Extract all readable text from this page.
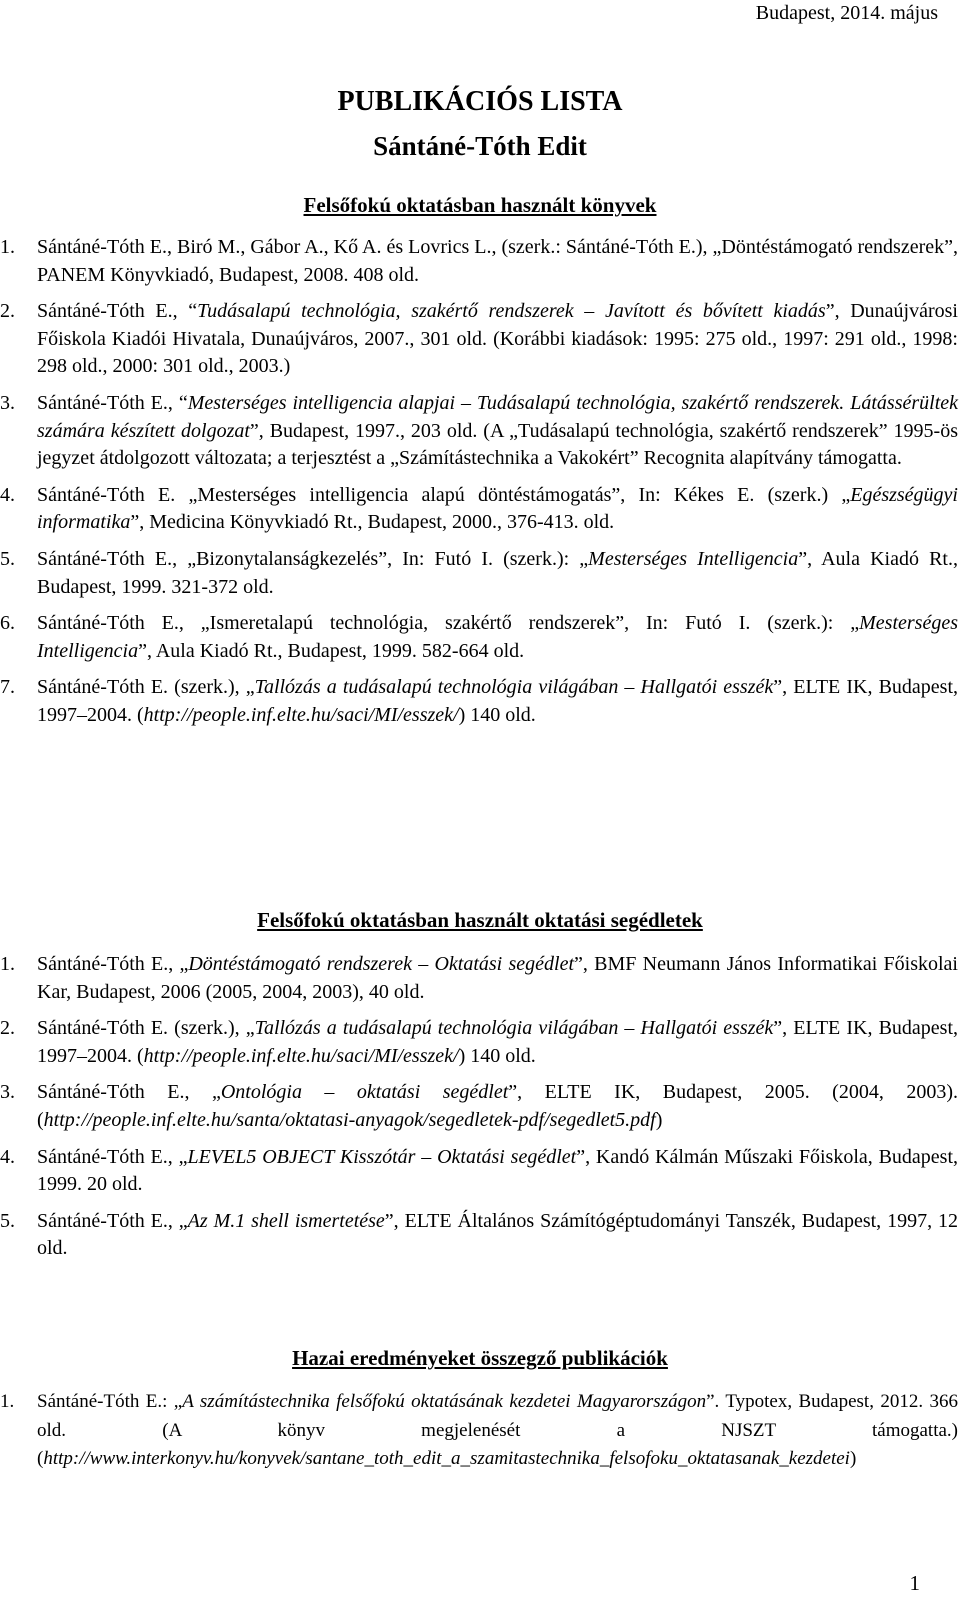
Budapest, 2014. május
PUBLIKÁCIÓS LISTA
Sántáné-Tóth Edit
Felsőfokú oktatásban használt könyvek
1. Sántáné-Tóth E., Biró M., Gábor A., Kő A. és Lovrics L., (szerk.: Sántáné-Tóth E.), „Döntéstámogató rendszerek”, PANEM Könyvkiadó, Budapest, 2008. 408 old.
2. Sántáné-Tóth E., “Tudásalapú technológia, szakértő rendszerek – Javított és bővített kiadás”, Dunaújvárosi Főiskola Kiadói Hivatala, Dunaújváros, 2007., 301 old. (Korábbi kiadások: 1995: 275 old., 1997: 291 old., 1998: 298 old., 2000: 301 old., 2003.)
3. Sántáné-Tóth E., “Mesterséges intelligencia alapjai – Tudásalapú technológia, szakértő rendszerek. Látássérültek számára készített dolgozat”, Budapest, 1997., 203 old. (A „Tudásalapú technológia, szakértő rendszerek” 1995-ös jegyzet átdolgozott változata; a terjesztést a „Számítástechnika a Vakokért” Recognita alapítvány támogatta.
4. Sántáné-Tóth E. „Mesterséges intelligencia alapú döntéstámogatás”, In: Kékes E. (szerk.) „Egészségügyi informatika”, Medicina Könyvkiadó Rt., Budapest, 2000., 376-413. old.
5. Sántáné-Tóth E., „Bizonytalanságkezelés”, In: Futó I. (szerk.): „Mesterséges Intelligencia”, Aula Kiadó Rt., Budapest, 1999. 321-372 old.
6. Sántáné-Tóth E., „Ismeretalapú technológia, szakértő rendszerek”, In: Futó I. (szerk.): „Mesterséges Intelligencia”, Aula Kiadó Rt., Budapest, 1999. 582-664 old.
7. Sántáné-Tóth E. (szerk.), „Tallózás a tudásalapú technológia világában – Hallgatói esszék”, ELTE IK, Budapest, 1997–2004. (http://people.inf.elte.hu/saci/MI/esszek/) 140 old.
Felsőfokú oktatásban használt oktatási segédletek
1. Sántáné-Tóth E., „Döntéstámogató rendszerek – Oktatási segédlet”, BMF Neumann János Informatikai Főiskolai Kar, Budapest, 2006 (2005, 2004, 2003), 40 old.
2. Sántáné-Tóth E. (szerk.), „Tallózás a tudásalapú technológia világában – Hallgatói esszék”, ELTE IK, Budapest, 1997–2004. (http://people.inf.elte.hu/saci/MI/esszek/) 140 old.
3. Sántáné-Tóth E., „Ontológia – oktatási segédlet”, ELTE IK, Budapest, 2005. (2004, 2003). (http://people.inf.elte.hu/santa/oktatasi-anyagok/segedletek-pdf/segedlet5.pdf)
4. Sántáné-Tóth E., „LEVEL5 OBJECT Kisszótár – Oktatási segédlet”, Kandó Kálmán Műszaki Főiskola, Budapest, 1999. 20 old.
5. Sántáné-Tóth E., „Az M.1 shell ismertetése”, ELTE Általános Számítógéptudományi Tanszék, Budapest, 1997, 12 old.
Hazai eredményeket összegző publikációk
1. Sántáné-Tóth E.: „A számítástechnika felsőfokú oktatásának kezdetei Magyarországon”. Typotex, Budapest, 2012. 366 old. (A könyv megjelenését a NJSZT támogatta.) (http://www.interkonyv.hu/konyvek/santane_toth_edit_a_szamitastechnika_felsofoku_oktatasanak_kezdetei)
1
